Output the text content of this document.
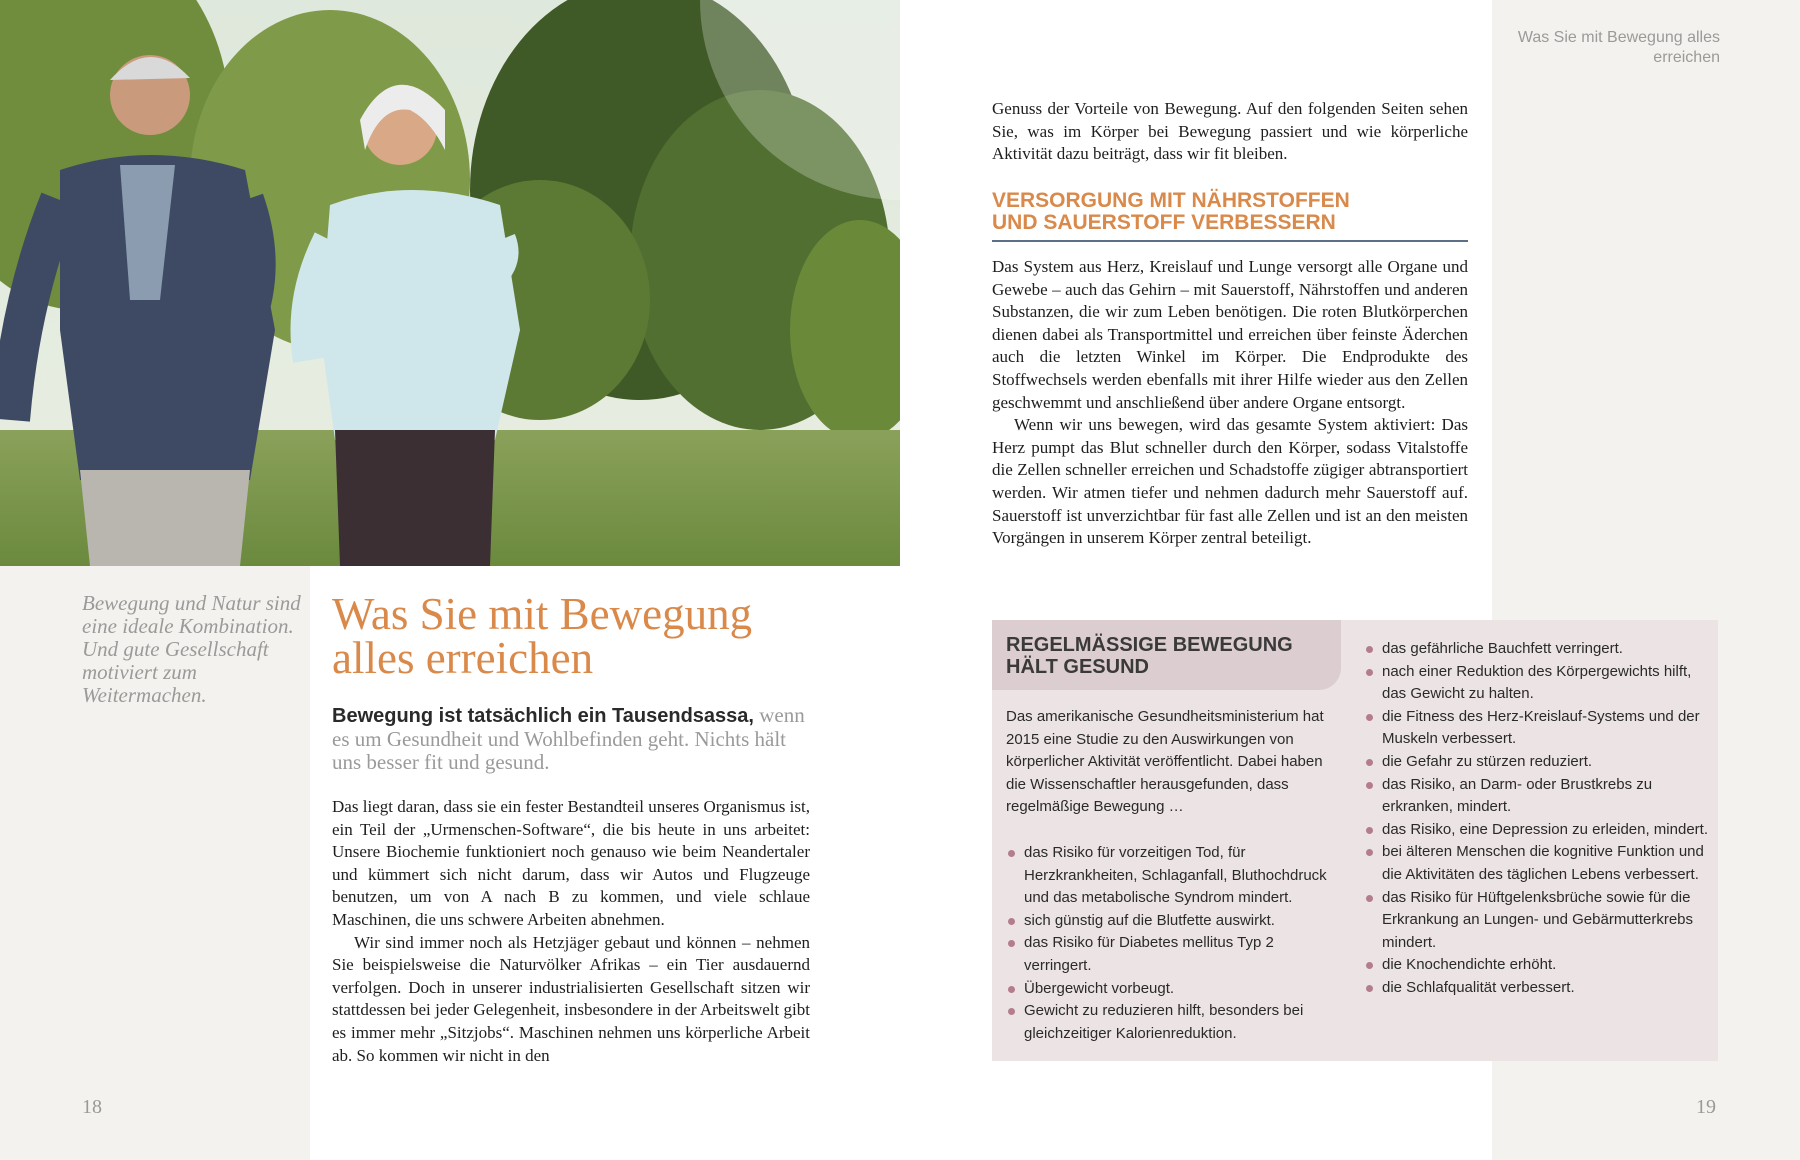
Was Sie mit Bewegung alles erreichen
Bewegung und Natur sind eine ideale Kombination. Und gute Gesellschaft motiviert zum Weitermachen.
18	19
Was Sie mit Bewegung alles erreichen
Bewegung ist tatsächlich ein Tausendsassa, wenn es um Gesundheit und Wohlbefinden geht. Nichts hält uns besser fit und gesund.

Das liegt daran, dass sie ein fester Bestandteil unseres Organismus ist, ein Teil der „Urmenschen-Software“, die bis heute in uns arbeitet: Unsere Biochemie funktioniert noch genauso wie beim Neandertaler und kümmert sich nicht darum, dass wir Autos und Flugzeuge benutzen, um von A nach B zu kommen, und viele schlaue Maschinen, die uns schwere Arbeiten abnehmen.

Wir sind immer noch als Hetzjäger gebaut und können – nehmen Sie beispielsweise die Naturvölker Afrikas – ein Tier ausdauernd verfolgen. Doch in unserer industrialisierten Gesellschaft sitzen wir stattdessen bei jeder Gelegenheit, insbesondere in der Arbeitswelt gibt es immer mehr „Sitzjobs“. Maschinen nehmen uns körperliche Arbeit ab. So kommen wir nicht in den

Genuss der Vorteile von Bewegung. Auf den folgenden Seiten sehen Sie, was im Körper bei Bewegung passiert und wie körperliche Aktivität dazu beiträgt, dass wir fit bleiben.

VERSORGUNG MIT NÄHRSTOFFEN
UND SAUERSTOFF VERBESSERN

Das System aus Herz, Kreislauf und Lunge versorgt alle Organe und Gewebe – auch das Gehirn – mit Sauerstoff, Nährstoffen und anderen Substanzen, die wir zum Leben benötigen. Die roten Blutkörperchen dienen dabei als Transportmittel und erreichen über feinste Äderchen auch die letzten Winkel im Körper. Die Endprodukte des Stoffwechsels werden ebenfalls mit ihrer Hilfe wieder aus den Zellen geschwemmt und anschließend über andere Organe entsorgt.

Wenn wir uns bewegen, wird das gesamte System aktiviert: Das Herz pumpt das Blut schneller durch den Körper, sodass Vitalstoffe die Zellen schneller erreichen und Schadstoffe zügiger abtransportiert werden. Wir atmen tiefer und nehmen dadurch mehr Sauerstoff auf. Sauerstoff ist unverzichtbar für fast alle Zellen und ist an den meisten Vorgängen in unserem Körper zentral beteiligt.

REGELMÄSSIGE BEWEGUNG
HÄLT GESUND
Das amerikanische Gesundheitsministerium hat 2015 eine Studie zu den Auswirkungen von körperlicher Aktivität veröffentlicht. Dabei haben die Wissenschaftler herausgefunden, dass regelmäßige Bewegung …
das Risiko für vorzeitigen Tod, für Herzkrankheiten, Schlaganfall, Bluthochdruck und das metabolische Syndrom mindert.
sich günstig auf die Blutfette auswirkt.
das Risiko für Diabetes mellitus Typ 2 verringert.
Übergewicht vorbeugt.
Gewicht zu reduzieren hilft, besonders bei gleichzeitiger Kalorienreduktion.
das gefährliche Bauchfett verringert.
nach einer Reduktion des Körpergewichts hilft, das Gewicht zu halten.
die Fitness des Herz-Kreislauf-Systems und der Muskeln verbessert.
die Gefahr zu stürzen reduziert.
das Risiko, an Darm- oder Brustkrebs zu erkranken, mindert.
das Risiko, eine Depression zu erleiden, mindert.
bei älteren Menschen die kognitive Funktion und die Aktivitäten des täglichen Lebens verbessert.
das Risiko für Hüftgelenksbrüche sowie für die Erkrankung an Lungen- und Gebärmutterkrebs mindert.
die Knochendichte erhöht.
die Schlafqualität verbessert.
